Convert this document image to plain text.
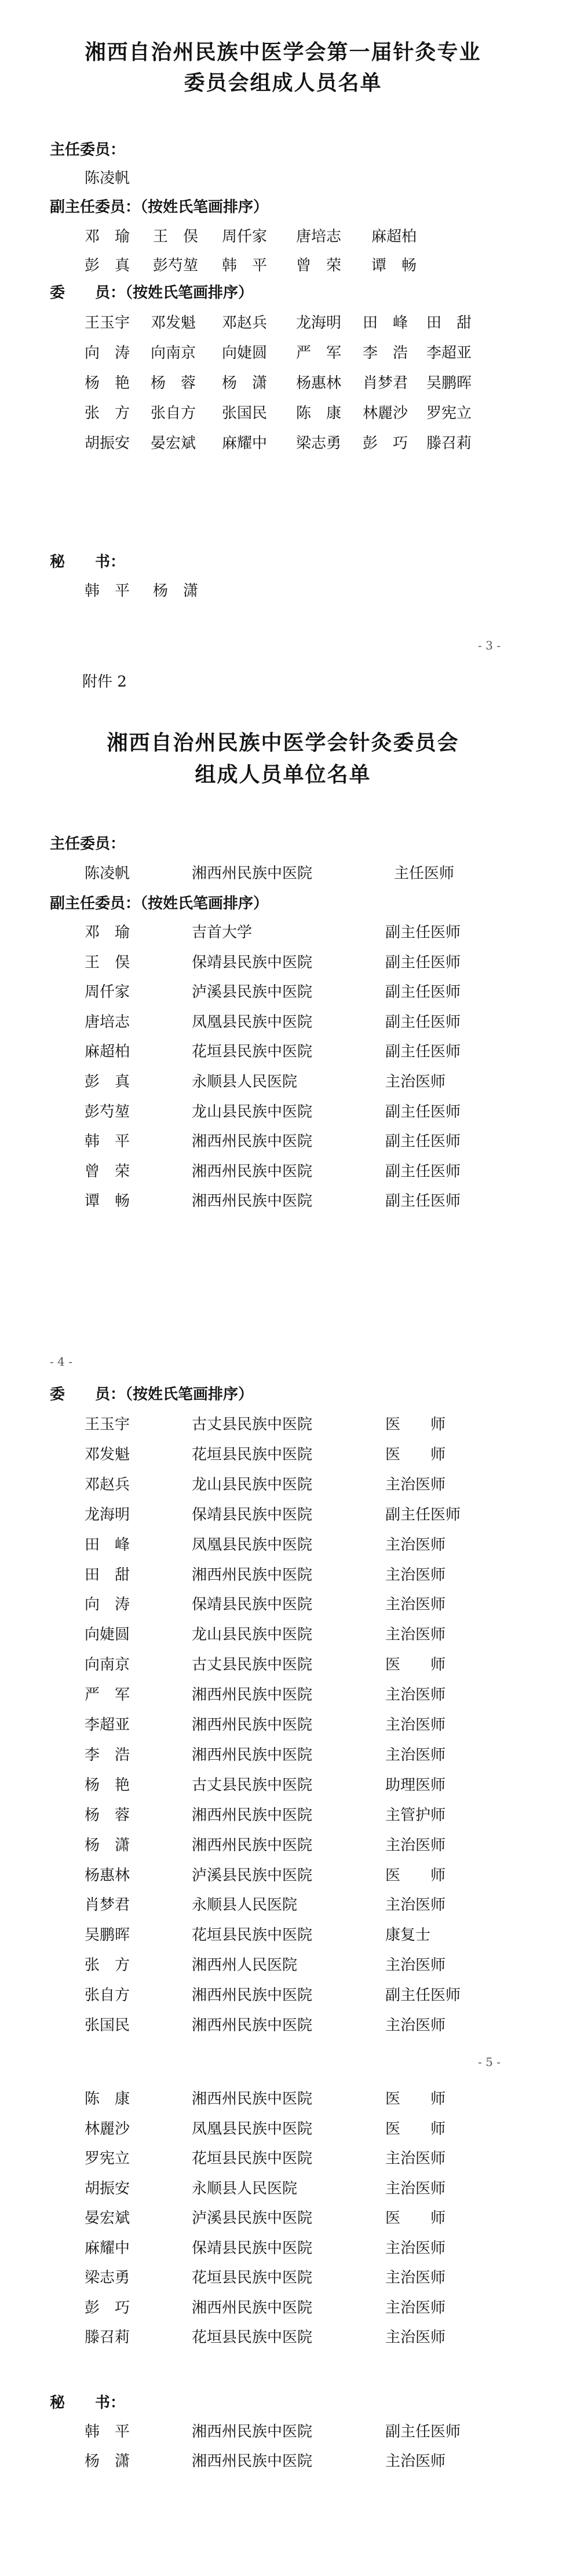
湘西自治州民族中医学会第一届针灸专业
委员会组成人员名单
主任委员：
陈凌帆
副主任委员：（按姓氏笔画排序）
邓　瑜 王　俣 周仟家 唐培志 麻超柏
彭　真 彭芍堃 韩　平 曾　荣 谭　畅
委　　员：（按姓氏笔画排序）
王玉宇 邓发魁 邓赵兵 龙海明 田　峰 田　甜
向　涛 向南京 向婕圆 严　军 李　浩 李超亚
杨　艳 杨　蓉 杨　潇 杨惠林 肖梦君 吴鹏晖
张　方 张自方 张国民 陈　康 林麗沙 罗宪立
胡振安 晏宏斌 麻耀中 梁志勇 彭　巧 滕召莉
秘　　书：
韩　平 杨　潇
- 3 -
附件 2
湘西自治州民族中医学会针灸委员会
组成人员单位名单
主任委员：
陈凌帆	湘西州民族中医院	主任医师
副主任委员：（按姓氏笔画排序）
邓　瑜	吉首大学	副主任医师
王　俣	保靖县民族中医院	副主任医师
周仟家	泸溪县民族中医院	副主任医师
唐培志	凤凰县民族中医院	副主任医师
麻超柏	花垣县民族中医院	副主任医师
彭　真	永顺县人民医院	主治医师
彭芍堃	龙山县民族中医院	副主任医师
韩　平	湘西州民族中医院	副主任医师
曾　荣	湘西州民族中医院	副主任医师
谭　畅	湘西州民族中医院	副主任医师
- 4 -
委　　员：（按姓氏笔画排序）
王玉宇	古丈县民族中医院	医　　师
邓发魁	花垣县民族中医院	医　　师
邓赵兵	龙山县民族中医院	主治医师
龙海明	保靖县民族中医院	副主任医师
田　峰	凤凰县民族中医院	主治医师
田　甜	湘西州民族中医院	主治医师
向　涛	保靖县民族中医院	主治医师
向婕圆	龙山县民族中医院	主治医师
向南京	古丈县民族中医院	医　　师
严　军	湘西州民族中医院	主治医师
李超亚	湘西州民族中医院	主治医师
李　浩	湘西州民族中医院	主治医师
杨　艳	古丈县民族中医院	助理医师
杨　蓉	湘西州民族中医院	主管护师
杨　潇	湘西州民族中医院	主治医师
杨惠林	泸溪县民族中医院	医　　师
肖梦君	永顺县人民医院	主治医师
吴鹏晖	花垣县民族中医院	康复士
张　方	湘西州人民医院	主治医师
张自方	湘西州民族中医院	副主任医师
张国民	湘西州民族中医院	主治医师
- 5 -
陈　康	湘西州民族中医院	医　　师
林麗沙	凤凰县民族中医院	医　　师
罗宪立	花垣县民族中医院	主治医师
胡振安	永顺县人民医院	主治医师
晏宏斌	泸溪县民族中医院	医　　师
麻耀中	保靖县民族中医院	主治医师
梁志勇	花垣县民族中医院	主治医师
彭　巧	湘西州民族中医院	主治医师
滕召莉	花垣县民族中医院	主治医师
秘　　书：
韩　平	湘西州民族中医院	副主任医师
杨　潇	湘西州民族中医院	主治医师
